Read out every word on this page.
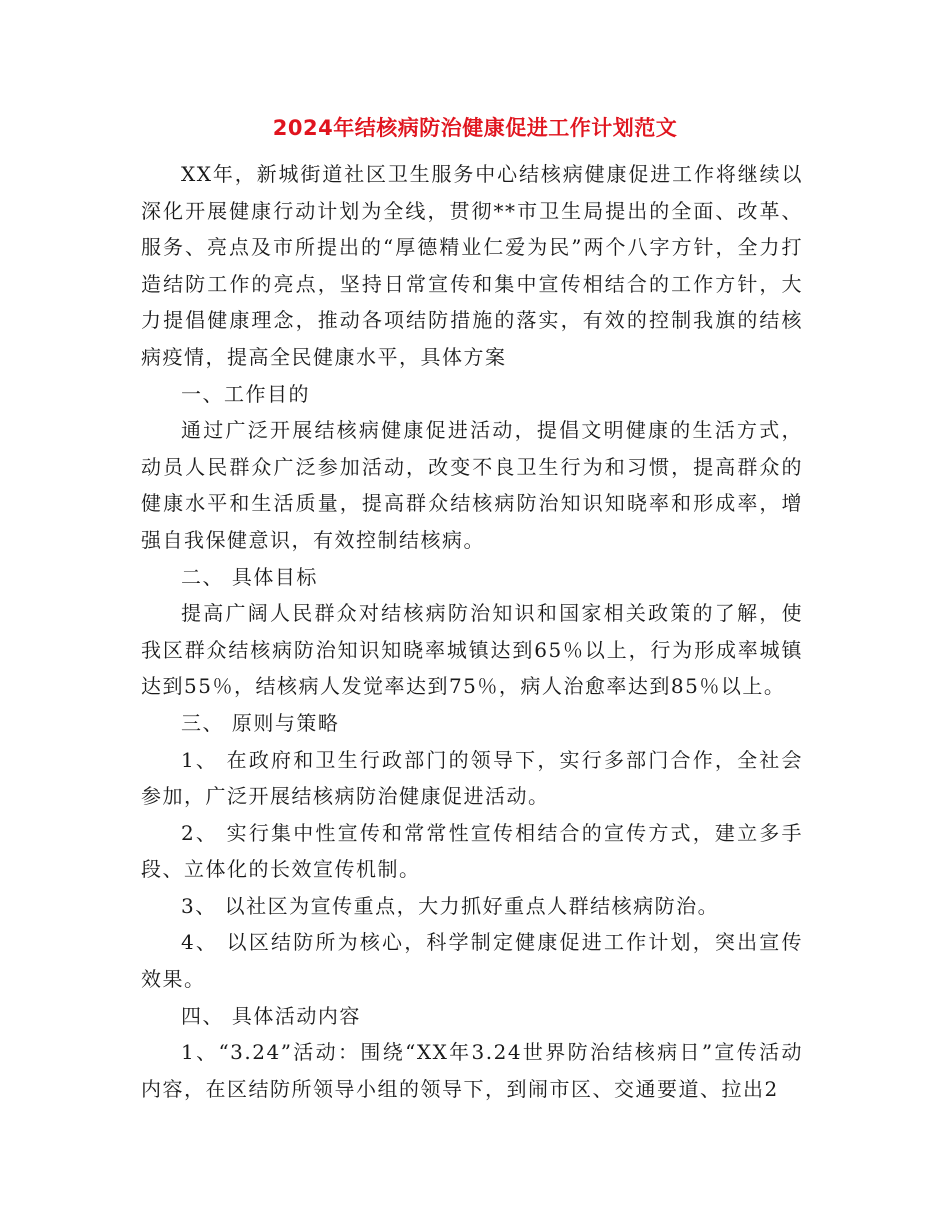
2024年结核病防治健康促进工作计划范文

XX年，新城街道社区卫生服务中心结核病健康促进工作将继续以深化开展健康行动计划为全线，贯彻**市卫生局提出的全面、改革、服务、亮点及市所提出的“厚德精业仁爱为民”两个八字方针，全力打造结防工作的亮点，坚持日常宣传和集中宣传相结合的工作方针，大力提倡健康理念，推动各项结防措施的落实，有效的控制我旗的结核病疫情，提高全民健康水平，具体方案

一、工作目的

通过广泛开展结核病健康促进活动，提倡文明健康的生活方式，动员人民群众广泛参加活动，改变不良卫生行为和习惯，提高群众的健康水平和生活质量，提高群众结核病防治知识知晓率和形成率，增强自我保健意识，有效控制结核病。

二、 具体目标

提高广阔人民群众对结核病防治知识和国家相关政策的了解，使我区群众结核病防治知识知晓率城镇达到65％以上，行为形成率城镇达到55％，结核病人发觉率达到75％，病人治愈率达到85％以上。

三、 原则与策略

1、 在政府和卫生行政部门的领导下，实行多部门合作，全社会参加，广泛开展结核病防治健康促进活动。

2、 实行集中性宣传和常常性宣传相结合的宣传方式，建立多手段、立体化的长效宣传机制。

3、 以社区为宣传重点，大力抓好重点人群结核病防治。

4、 以区结防所为核心，科学制定健康促进工作计划，突出宣传效果。

四、 具体活动内容

1、“3.24”活动：围绕“XX年3.24世界防治结核病日”宣传活动内容，在区结防所领导小组的领导下，到闹市区、交通要道、拉出2
